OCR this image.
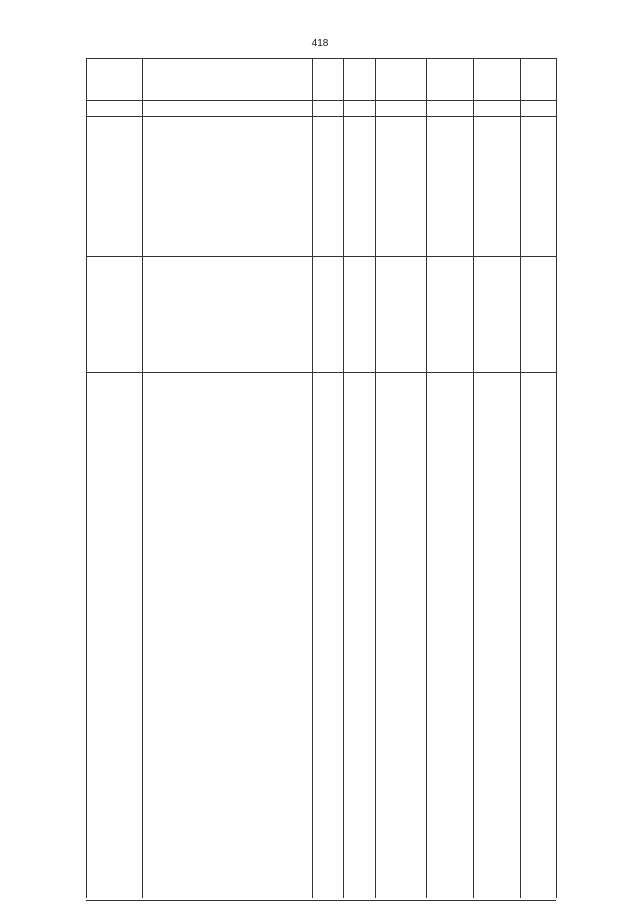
418
